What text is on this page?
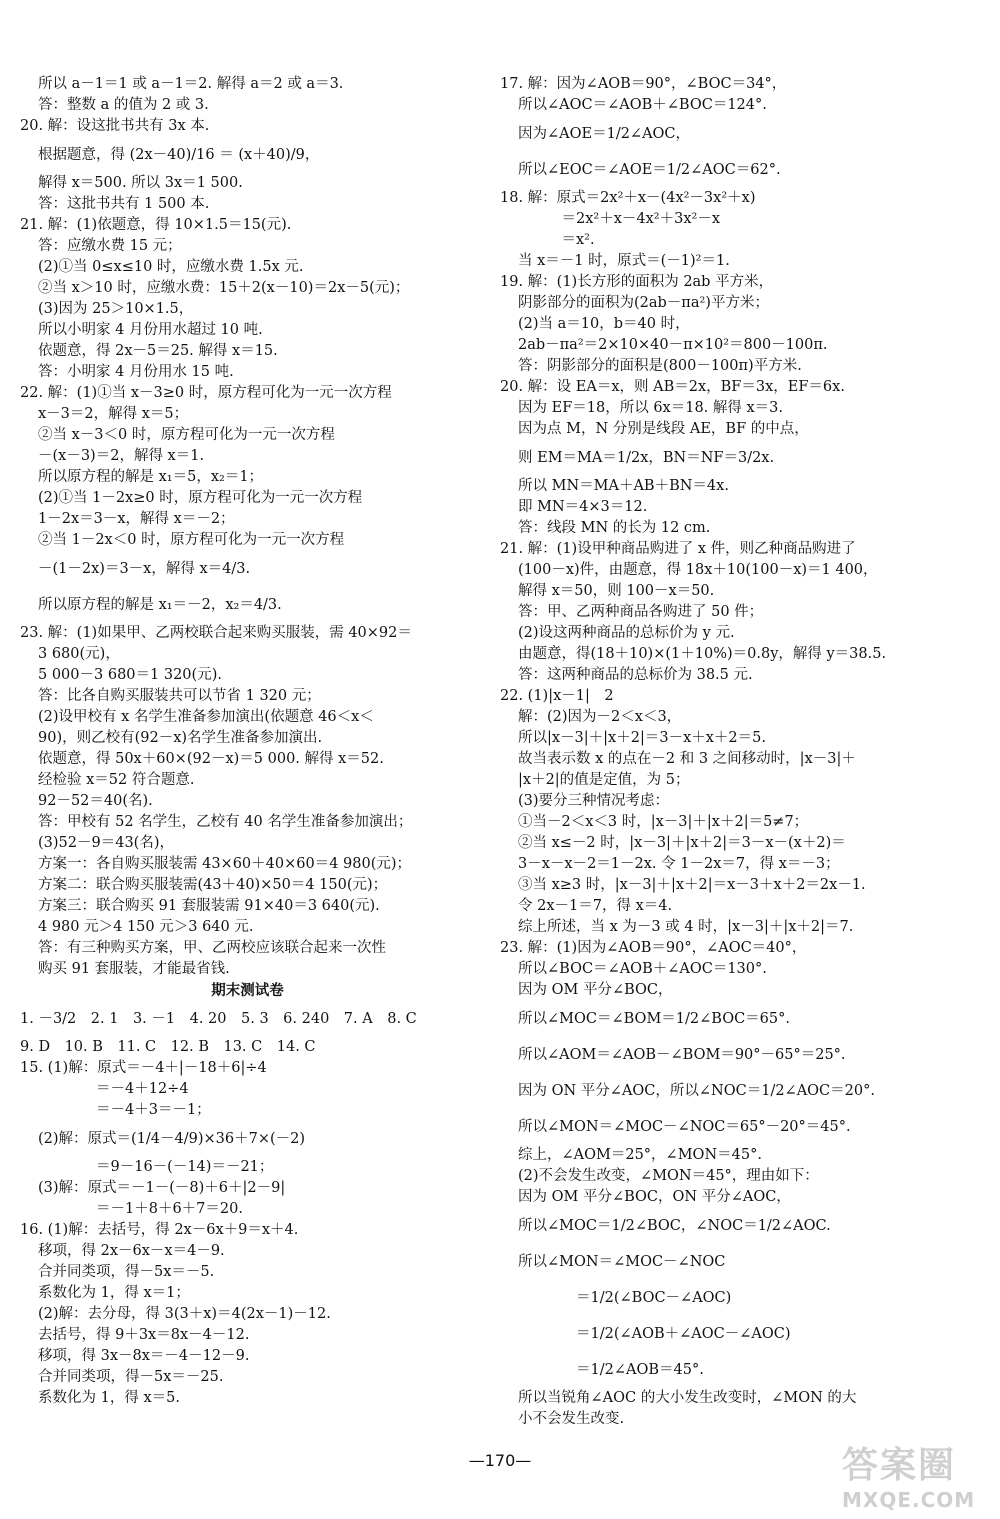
所以 a－1＝1 或 a－1＝2. 解得 a＝2 或 a＝3.
答：整数 a 的值为 2 或 3.
20. 解：设这批书共有 3x 本.
根据题意，得 (2x－40)/16 ＝ (x＋40)/9，
解得 x＝500. 所以 3x＝1 500.
答：这批书共有 1 500 本.
21. 解：(1)依题意，得 10×1.5＝15(元).
答：应缴水费 15 元；
(2)①当 0≤x≤10 时，应缴水费 1.5x 元.
②当 x＞10 时，应缴水费：15＋2(x－10)＝2x－5(元)；
(3)因为 25＞10×1.5，
所以小明家 4 月份用水超过 10 吨.
依题意，得 2x－5＝25. 解得 x＝15.
答：小明家 4 月份用水 15 吨.
22. 解：(1)①当 x－3≥0 时，原方程可化为一元一次方程
x－3＝2，解得 x＝5；
②当 x－3＜0 时，原方程可化为一元一次方程
－(x－3)＝2，解得 x＝1.
所以原方程的解是 x₁＝5，x₂＝1；
(2)①当 1－2x≥0 时，原方程可化为一元一次方程
1－2x＝3－x，解得 x＝－2；
②当 1－2x＜0 时，原方程可化为一元一次方程
－(1－2x)＝3－x，解得 x＝4/3.
所以原方程的解是 x₁＝－2，x₂＝4/3.
23. 解：(1)如果甲、乙两校联合起来购买服装，需 40×92＝
3 680(元)，
5 000－3 680＝1 320(元).
答：比各自购买服装共可以节省 1 320 元；
(2)设甲校有 x 名学生准备参加演出(依题意 46＜x＜
90)，则乙校有(92－x)名学生准备参加演出.
依题意，得 50x＋60×(92－x)＝5 000. 解得 x＝52.
经检验 x＝52 符合题意.
92－52＝40(名).
答：甲校有 52 名学生，乙校有 40 名学生准备参加演出；
(3)52－9＝43(名)，
方案一：各自购买服装需 43×60＋40×60＝4 980(元)；
方案二：联合购买服装需(43＋40)×50＝4 150(元)；
方案三：联合购买 91 套服装需 91×40＝3 640(元).
4 980 元＞4 150 元＞3 640 元.
答：有三种购买方案，甲、乙两校应该联合起来一次性
购买 91 套服装，才能最省钱.
期末测试卷
1. －3/2　2. 1　3. －1　4. 20　5. 3　6. 240　7. A　8. C
9. D　10. B　11. C　12. B　13. C　14. C
15. (1)解：原式＝－4＋|－18＋6|÷4
　　　　＝－4＋12÷4
　　　　＝－4＋3＝－1；
(2)解：原式＝(1/4－4/9)×36＋7×(－2)
　　　　＝9－16－(－14)＝－21；
(3)解：原式＝－1－(－8)＋6＋|2－9|
　　　　＝－1＋8＋6＋7＝20.
16. (1)解：去括号，得 2x－6x＋9＝x＋4.
移项，得 2x－6x－x＝4－9.
合并同类项，得－5x＝－5.
系数化为 1，得 x＝1；
(2)解：去分母，得 3(3＋x)＝4(2x－1)－12.
去括号，得 9＋3x＝8x－4－12.
移项，得 3x－8x＝－4－12－9.
合并同类项，得－5x＝－25.
系数化为 1，得 x＝5.
17. 解：因为∠AOB＝90°，∠BOC＝34°，
所以∠AOC＝∠AOB＋∠BOC＝124°.
因为∠AOE＝1/2∠AOC，
所以∠EOC＝∠AOE＝1/2∠AOC＝62°.
18. 解：原式＝2x²＋x－(4x²－3x²＋x)
　　　＝2x²＋x－4x²＋3x²－x
　　　＝x².
当 x＝－1 时，原式＝(－1)²＝1.
19. 解：(1)长方形的面积为 2ab 平方米，
阴影部分的面积为(2ab－πa²)平方米；
(2)当 a＝10，b＝40 时，
2ab－πa²＝2×10×40－π×10²＝800－100π.
答：阴影部分的面积是(800－100π)平方米.
20. 解：设 EA＝x，则 AB＝2x，BF＝3x，EF＝6x.
因为 EF＝18，所以 6x＝18. 解得 x＝3.
因为点 M，N 分别是线段 AE，BF 的中点，
则 EM＝MA＝1/2x，BN＝NF＝3/2x.
所以 MN＝MA＋AB＋BN＝4x.
即 MN＝4×3＝12.
答：线段 MN 的长为 12 cm.
21. 解：(1)设甲种商品购进了 x 件，则乙种商品购进了
(100－x)件，由题意，得 18x＋10(100－x)＝1 400，
解得 x＝50，则 100－x＝50.
答：甲、乙两种商品各购进了 50 件；
(2)设这两种商品的总标价为 y 元.
由题意，得(18＋10)×(1＋10%)＝0.8y，解得 y＝38.5.
答：这两种商品的总标价为 38.5 元.
22. (1)|x－1|　2
解：(2)因为－2＜x＜3，
所以|x－3|＋|x＋2|＝3－x＋x＋2＝5.
故当表示数 x 的点在－2 和 3 之间移动时，|x－3|＋
|x＋2|的值是定值，为 5；
(3)要分三种情况考虑：
①当－2＜x＜3 时，|x－3|＋|x＋2|＝5≠7；
②当 x≤－2 时，|x－3|＋|x＋2|＝3－x－(x＋2)＝
3－x－x－2＝1－2x. 令 1－2x＝7，得 x＝－3；
③当 x≥3 时，|x－3|＋|x＋2|＝x－3＋x＋2＝2x－1.
令 2x－1＝7，得 x＝4.
综上所述，当 x 为－3 或 4 时，|x－3|＋|x＋2|＝7.
23. 解：(1)因为∠AOB＝90°，∠AOC＝40°，
所以∠BOC＝∠AOB＋∠AOC＝130°.
因为 OM 平分∠BOC，
所以∠MOC＝∠BOM＝1/2∠BOC＝65°.
所以∠AOM＝∠AOB－∠BOM＝90°－65°＝25°.
因为 ON 平分∠AOC，所以∠NOC＝1/2∠AOC＝20°.
所以∠MON＝∠MOC－∠NOC＝65°－20°＝45°.
综上，∠AOM＝25°，∠MON＝45°.
(2)不会发生改变，∠MON＝45°，理由如下：
因为 OM 平分∠BOC，ON 平分∠AOC，
所以∠MOC＝1/2∠BOC，∠NOC＝1/2∠AOC.
所以∠MON＝∠MOC－∠NOC
　　　　＝1/2(∠BOC－∠AOC)
　　　　＝1/2(∠AOB＋∠AOC－∠AOC)
　　　　＝1/2∠AOB＝45°.
所以当锐角∠AOC 的大小发生改变时，∠MON 的大
小不会发生改变.
—170—	答案圈
MXQE.COM
